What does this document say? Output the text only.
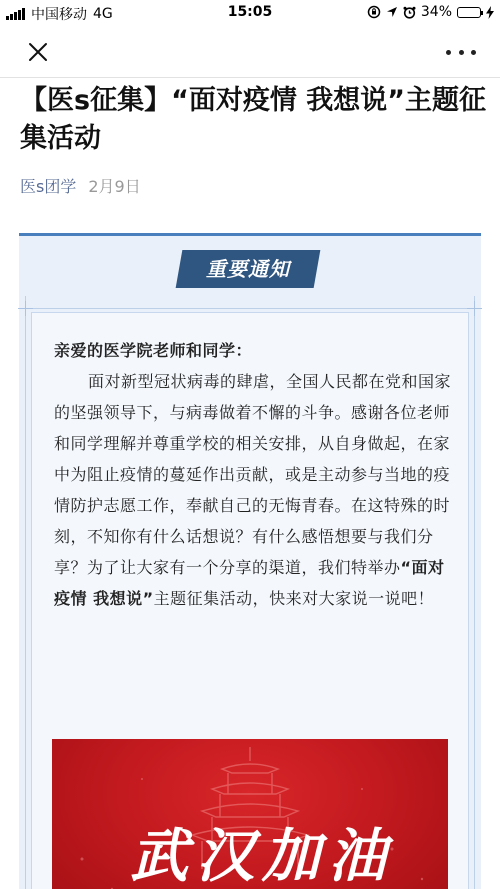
中国移动 4G	15:05	34%
【医s征集】“面对疫情 我想说”主题征集活动
医s团学 2月9日
重要通知

亲爱的医学院老师和同学：

面对新型冠状病毒的肆虐，全国人民都在党和国家的坚强领导下，与病毒做着不懈的斗争。感谢各位老师和同学理解并尊重学校的相关安排，从自身做起，在家中为阻止疫情的蔓延作出贡献，或是主动参与当地的疫情防护志愿工作，奉献自己的无悔青春。在这特殊的时刻，不知你有什么话想说？有什么感悟想要与我们分享？为了让大家有一个分享的渠道，我们特举办“面对疫情 我想说”主题征集活动，快来对大家说一说吧！

武汉加油
